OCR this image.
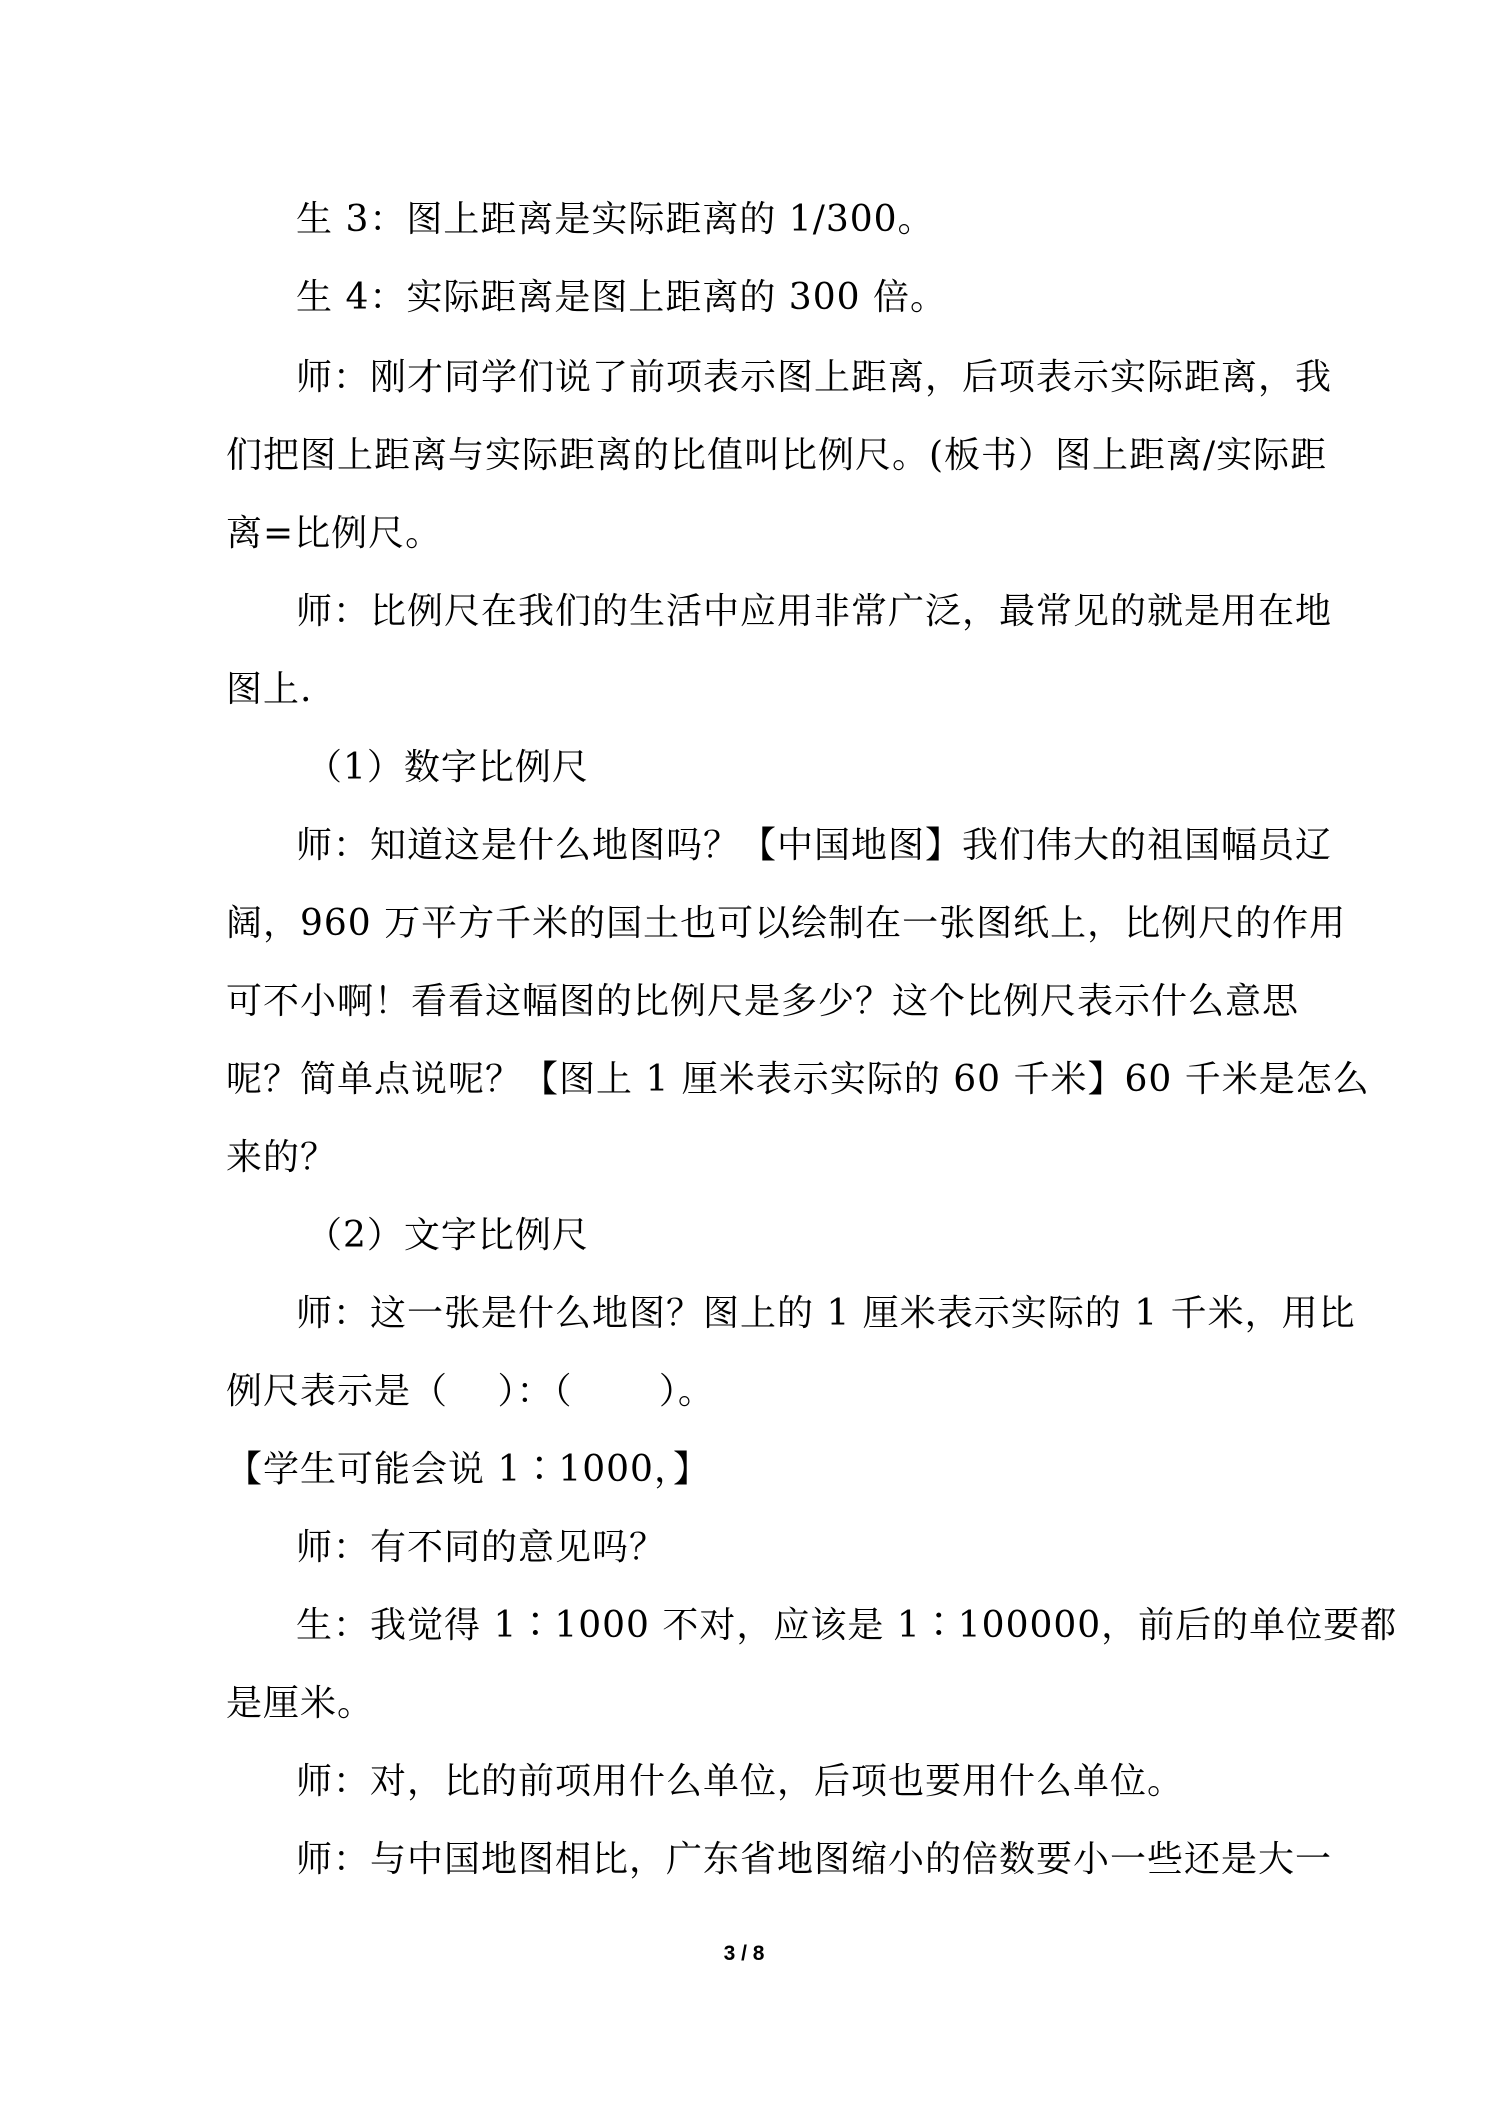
生 3：图上距离是实际距离的 1/300。
生 4：实际距离是图上距离的 300 倍。
师：刚才同学们说了前项表示图上距离，后项表示实际距离，我
们把图上距离与实际距离的比值叫比例尺。(板书）图上距离/实际距
离=比例尺。
师：比例尺在我们的生活中应用非常广泛，最常见的就是用在地
图上.
（1）数字比例尺
师：知道这是什么地图吗？【中国地图】我们伟大的祖国幅员辽
阔，960 万平方千米的国土也可以绘制在一张图纸上，比例尺的作用
可不小啊！看看这幅图的比例尺是多少？这个比例尺表示什么意思
呢？简单点说呢？【图上 1 厘米表示实际的 60 千米】60 千米是怎么
来的？
（2）文字比例尺
师：这一张是什么地图？图上的 1 厘米表示实际的 1 千米，用比
例尺表示是（　 ）：（　　 ）。
【学生可能会说 1∶1000，】
师：有不同的意见吗？
生：我觉得 1∶1000 不对，应该是 1∶100000，前后的单位要都
是厘米。
师：对，比的前项用什么单位，后项也要用什么单位。
师：与中国地图相比，广东省地图缩小的倍数要小一些还是大一
3 / 8
